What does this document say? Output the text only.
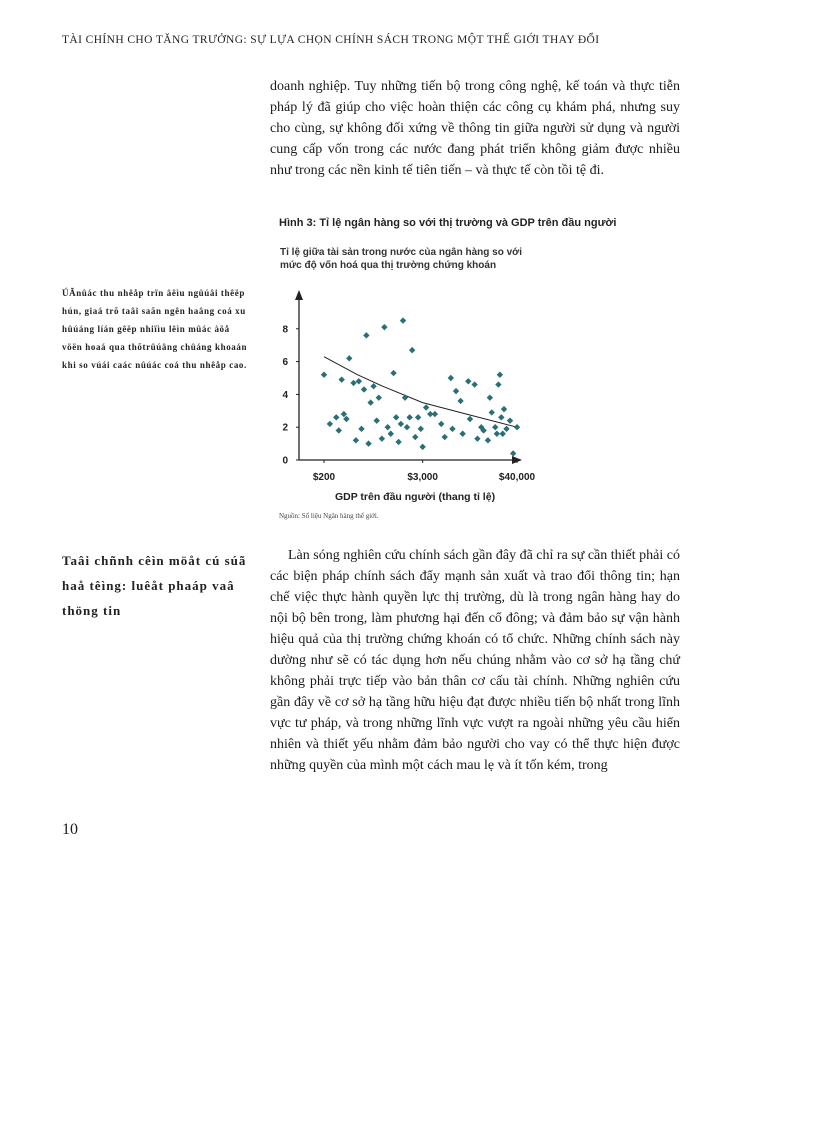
TÀI CHÍNH CHO TĂNG TRƯỞNG: SỰ LỰA CHỌN CHÍNH SÁCH TRONG MỘT THẾ GIỚI THAY ĐỔI

doanh nghiệp. Tuy những tiến bộ trong công nghệ, kế toán và thực tiễn pháp lý đã giúp cho việc hoàn thiện các công cụ khám phá, nhưng suy cho cùng, sự không đối xứng về thông tin giữa người sử dụng và người cung cấp vốn trong các nước đang phát triển không giảm được nhiều như trong các nền kinh tế tiên tiến – và thực tế còn tồi tệ đi.

Hình 3: Tỉ lệ ngân hàng so với thị trường và GDP trên đầu người

Tỉ lệ giữa tài sản trong nước của ngân hàng so với
mức độ vốn hoá qua thị trường chứng khoán

ÚÃnûác thu nhêåp trïn âêìu ngûúâi thêëp hún, giaá trõ taâi saãn ngên haâng coá xu hûúáng líán gêëp nhiïìu lêìn mûác àöå vöën hoaá qua thõtrûúâng chûáng khoaán khi so vúái caác nûúác coá thu nhêåp cao.

0
2
4
6
8
$200	$3,000	$40,000
GDP trên đầu người (thang tỉ lệ)
Nguồn: Số liệu Ngân hàng thế giới.

Taâi chñnh cêìn möåt cú súã haå têìng: luêåt phaáp vaâ thöng tin

Làn sóng nghiên cứu chính sách gần đây đã chỉ ra sự cần thiết phải có các biện pháp chính sách đẩy mạnh sản xuất và trao đổi thông tin; hạn chế việc thực hành quyền lực thị trường, dù là trong ngân hàng hay do nội bộ bên trong, làm phương hại đến cổ đông; và đảm bảo sự vận hành hiệu quả của thị trường chứng khoán có tổ chức. Những chính sách này dường như sẽ có tác dụng hơn nếu chúng nhằm vào cơ sở hạ tầng chứ không phải trực tiếp vào bản thân cơ cấu tài chính. Những nghiên cứu gần đây về cơ sở hạ tầng hữu hiệu đạt được nhiều tiến bộ nhất trong lĩnh vực tư pháp, và trong những lĩnh vực vượt ra ngoài những yêu cầu hiển nhiên và thiết yếu nhằm đảm bảo người cho vay có thể thực hiện được những quyền của mình một cách mau lẹ và ít tốn kém, trong

10
